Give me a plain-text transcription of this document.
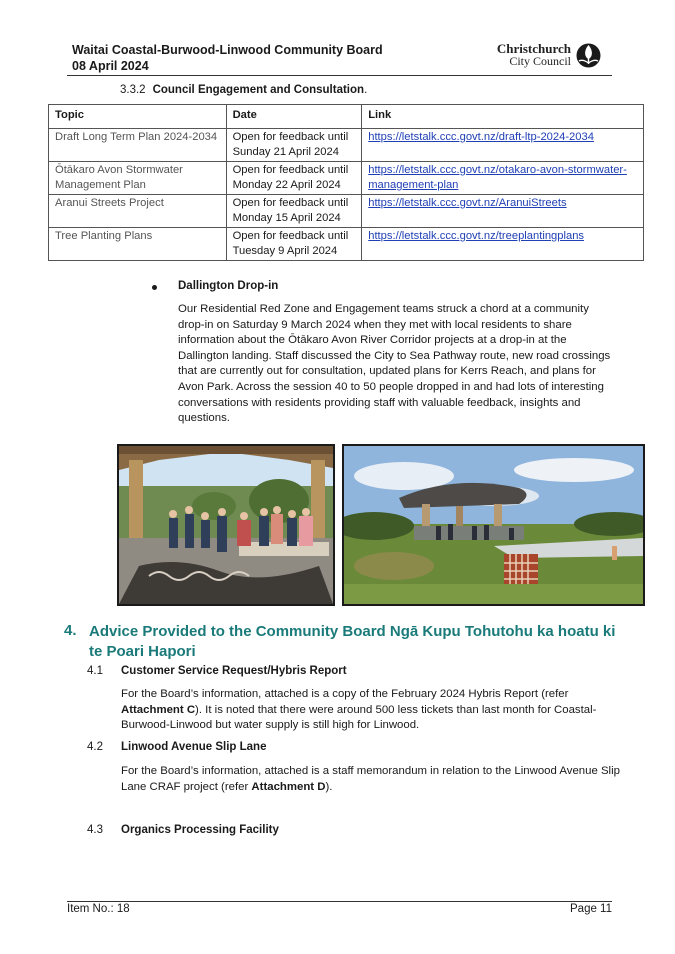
Waitai Coastal-Burwood-Linwood Community Board
08 April 2024
Christchurch
City Council
3.3.2 Council Engagement and Consultation.
Topic	Date	Link
Draft Long Term Plan 2024-2034	Open for feedback until Sunday 21 April 2024	https://letstalk.ccc.govt.nz/draft-ltp-2024-2034
Ōtākaro Avon Stormwater Management Plan	Open for feedback until Monday 22 April 2024	https://letstalk.ccc.govt.nz/otakaro-avon-stormwater-management-plan
Aranui Streets Project	Open for feedback until Monday 15 April 2024	https://letstalk.ccc.govt.nz/AranuiStreets
Tree Planting Plans	Open for feedback until Tuesday 9 April 2024	https://letstalk.ccc.govt.nz/treeplantingplans
Dallington Drop-in
Our Residential Red Zone and Engagement teams struck a chord at a community drop-in on Saturday 9 March 2024 when they met with local residents to share information about the Ōtākaro Avon River Corridor projects at a drop-in at the Dallington landing. Staff discussed the City to Sea Pathway route, new road crossings that are currently out for consultation, updated plans for Kerrs Reach, and plans for Avon Park. Across the session 40 to 50 people dropped in and had lots of interesting conversations with residents providing staff with valuable feedback, insights and questions.
4. Advice Provided to the Community Board Ngā Kupu Tohutohu ka hoatu ki te Poari Hapori
4.1 Customer Service Request/Hybris Report
For the Board’s information, attached is a copy of the February 2024 Hybris Report (refer Attachment C). It is noted that there were around 500 less tickets than last month for Coastal-Burwood-Linwood but water supply is still high for Linwood.
4.2 Linwood Avenue Slip Lane
For the Board’s information, attached is a staff memorandum in relation to the Linwood Avenue Slip Lane CRAF project (refer Attachment D).
4.3 Organics Processing Facility
Item No.: 18	Page 11
